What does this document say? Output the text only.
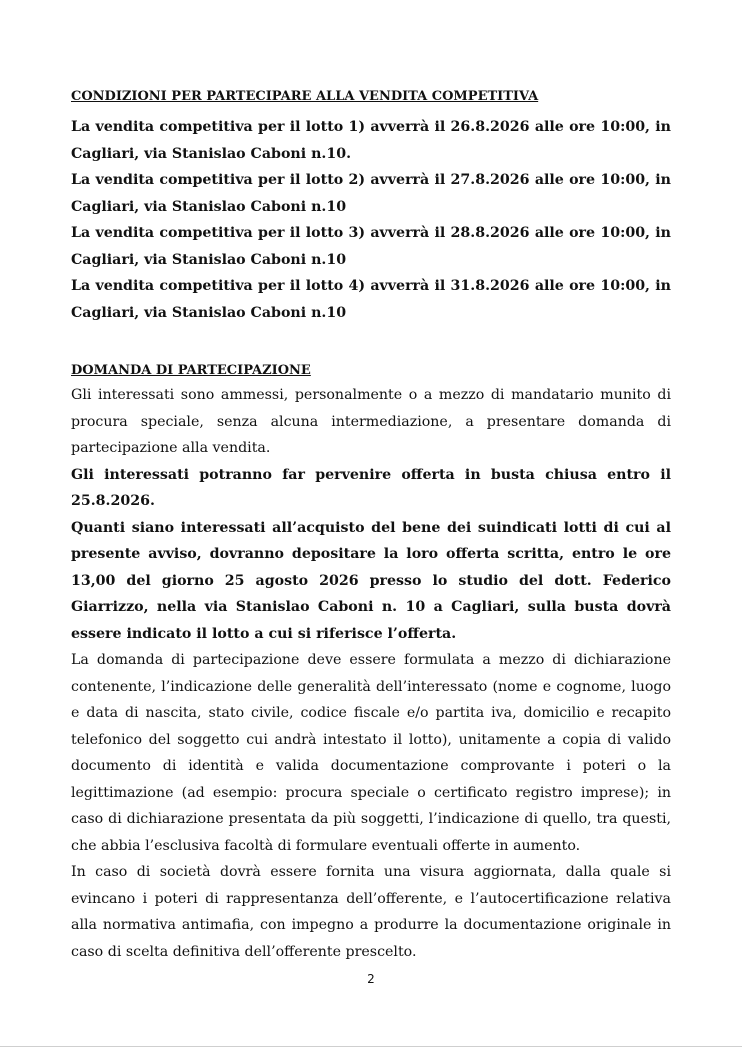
CONDIZIONI PER PARTECIPARE ALLA VENDITA COMPETITIVA

La vendita competitiva per il lotto 1) avverrà il 26.8.2026 alle ore 10:00, in Cagliari, via Stanislao Caboni n.10.

La vendita competitiva per il lotto 2) avverrà il 27.8.2026 alle ore 10:00, in Cagliari, via Stanislao Caboni n.10

La vendita competitiva per il lotto 3) avverrà il 28.8.2026 alle ore 10:00, in Cagliari, via Stanislao Caboni n.10

La vendita competitiva per il lotto 4) avverrà il 31.8.2026 alle ore 10:00, in Cagliari, via Stanislao Caboni n.10

DOMANDA DI PARTECIPAZIONE

Gli interessati sono ammessi, personalmente o a mezzo di mandatario munito di procura speciale, senza alcuna intermediazione, a presentare domanda di partecipazione alla vendita.

Gli interessati potranno far pervenire offerta in busta chiusa entro il 25.8.2026.

Quanti siano interessati all’acquisto del bene dei suindicati lotti di cui al presente avviso, dovranno depositare la loro offerta scritta, entro le ore 13,00 del giorno 25 agosto 2026 presso lo studio del dott. Federico Giarrizzo, nella via Stanislao Caboni n. 10 a Cagliari, sulla busta dovrà essere indicato il lotto a cui si riferisce l’offerta.

La domanda di partecipazione deve essere formulata a mezzo di dichiarazione contenente, l’indicazione delle generalità dell’interessato (nome e cognome, luogo e data di nascita, stato civile, codice fiscale e/o partita iva, domicilio e recapito telefonico del soggetto cui andrà intestato il lotto), unitamente a copia di valido documento di identità e valida documentazione comprovante i poteri o la legittimazione (ad esempio: procura speciale o certificato registro imprese); in caso di dichiarazione presentata da più soggetti, l’indicazione di quello, tra questi, che abbia l’esclusiva facoltà di formulare eventuali offerte in aumento.

In caso di società dovrà essere fornita una visura aggiornata, dalla quale si evincano i poteri di rappresentanza dell’offerente, e l’autocertificazione relativa alla normativa antimafia, con impegno a produrre la documentazione originale in caso di scelta definitiva dell’offerente prescelto.

2
